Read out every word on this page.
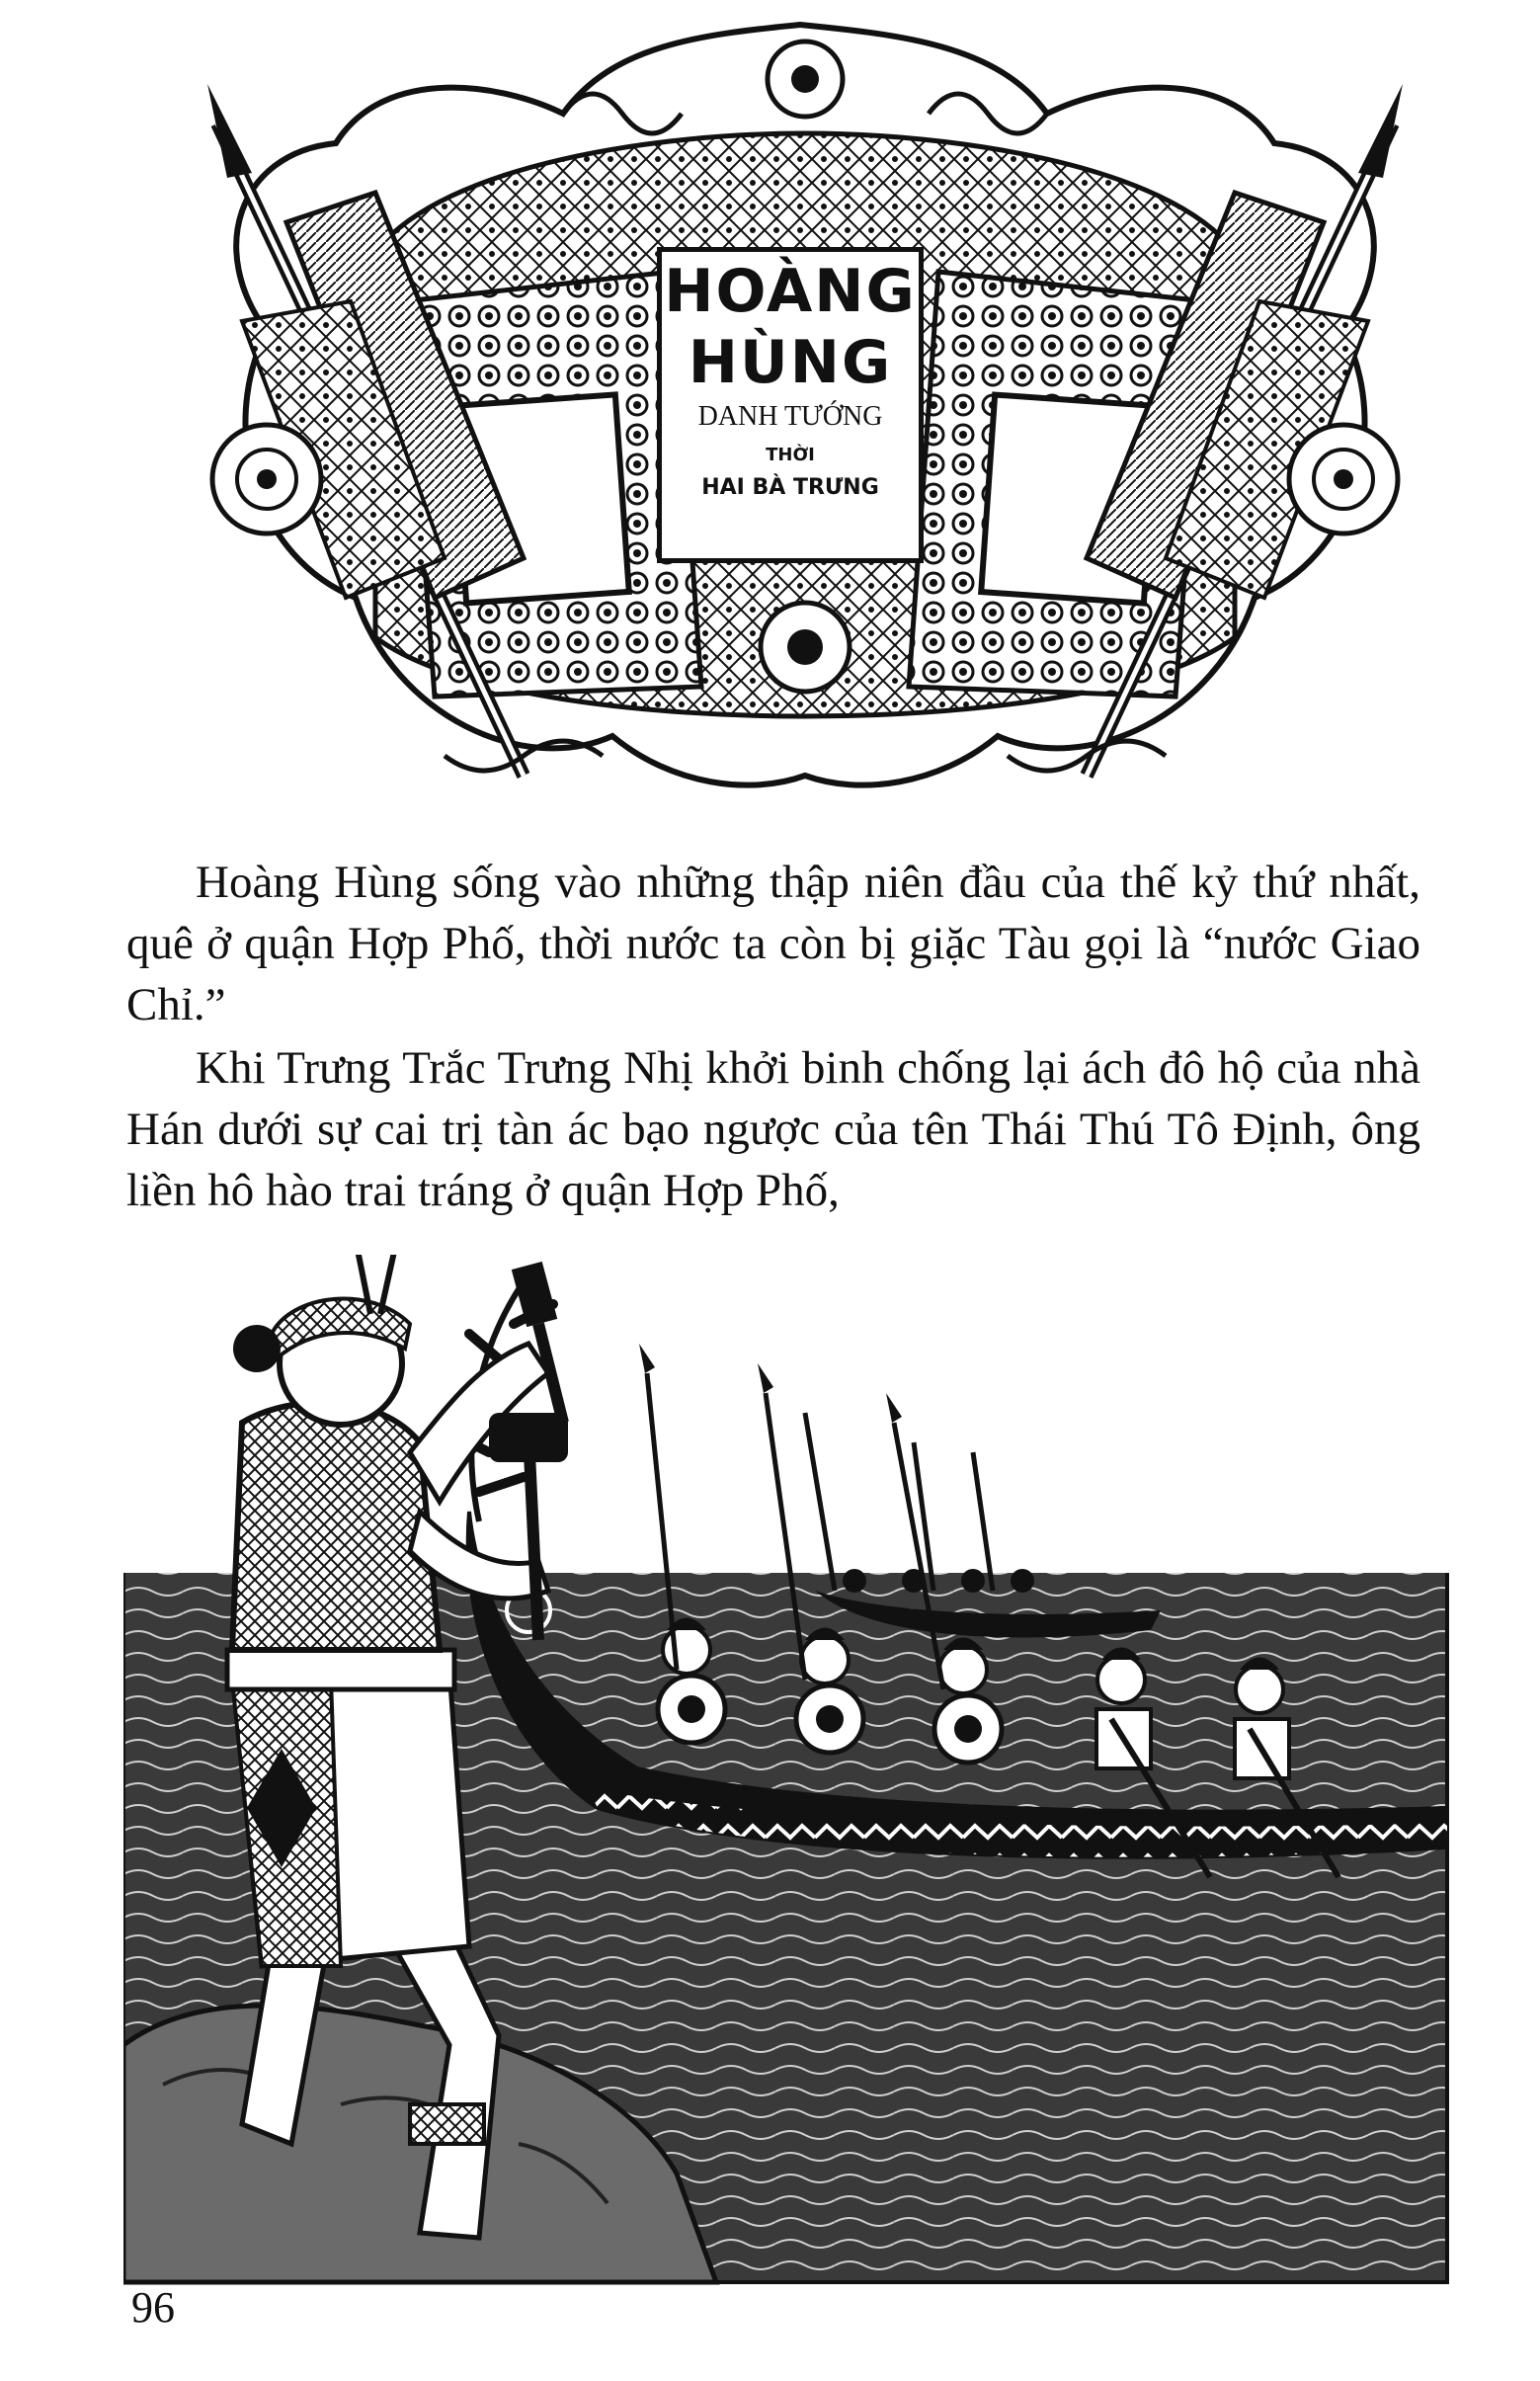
HOÀNG
HÙNG
DANH TƯỚNG
THỜI
HAI BÀ TRƯNG

Hoàng Hùng sống vào những thập niên đầu của thế kỷ thứ nhất, quê ở quận Hợp Phố, thời nước ta còn bị giặc Tàu gọi là “nước Giao Chỉ.”

Khi Trưng Trắc Trưng Nhị khởi binh chống lại ách đô hộ của nhà Hán dưới sự cai trị tàn ác bạo ngược của tên Thái Thú Tô Định, ông liền hô hào trai tráng ở quận Hợp Phố,

96
